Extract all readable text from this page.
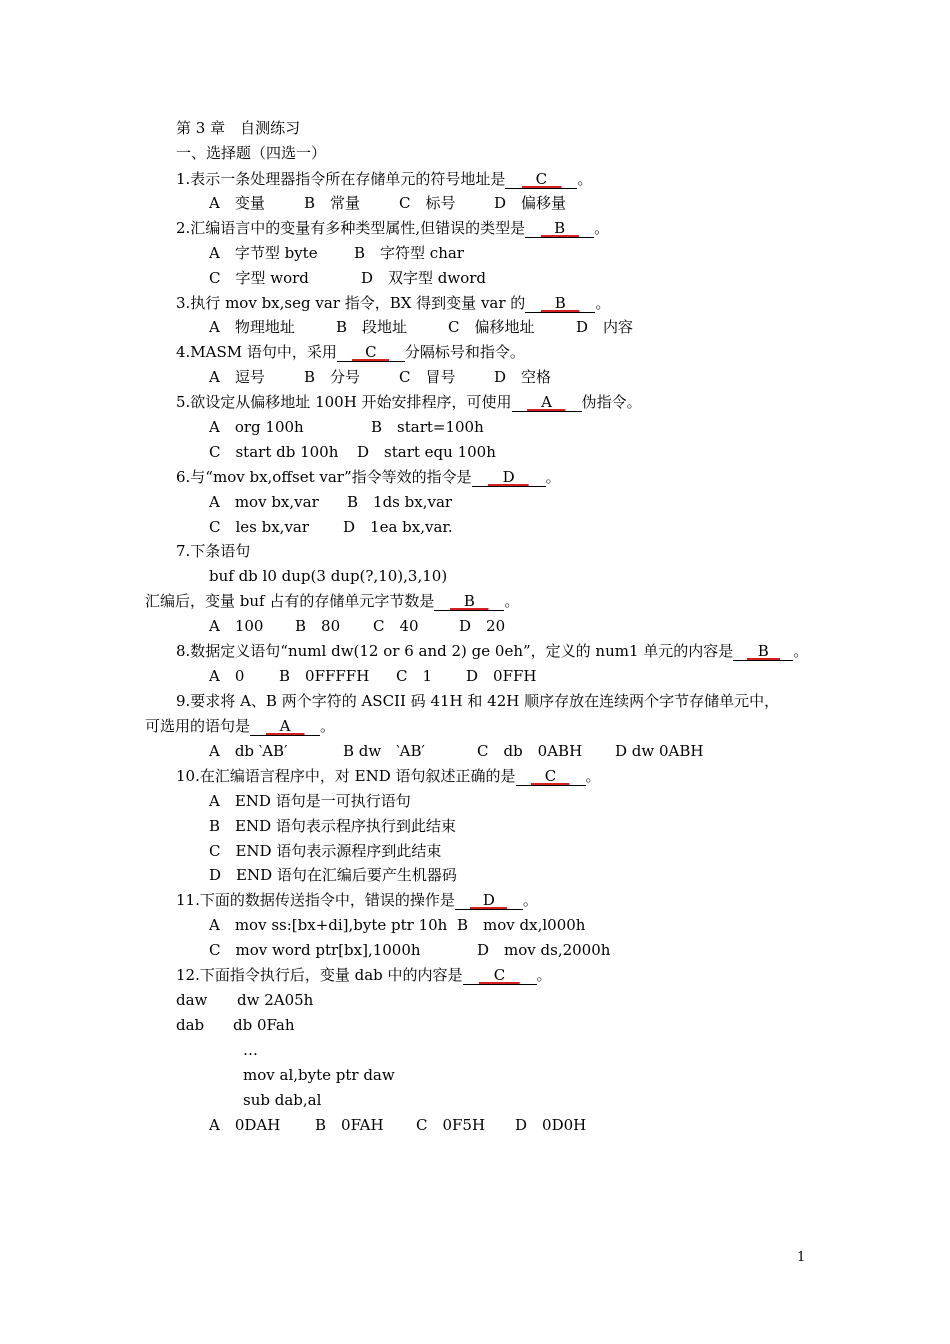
第 3 章　自测练习
一、选择题（四选一）
1.表示一条处理器指令所在存储单元的符号地址是 C 。
A　变量	B　常量	C　标号	D　偏移量
2.汇编语言中的变量有多种类型属性,但错误的类型是 B 。
A　字节型 byte B　字符型 char
C　字型 word	D　双字型 dword
3.执行 mov bx,seg var 指令，BX 得到变量 var 的 B 。
A　物理地址	B　段地址	C　偏移地址	D　内容
4.MASM 语句中，采用 C 分隔标号和指令。
A　逗号	B　分号	C　冒号	D　空格
5.欲设定从偏移地址 100H 开始安排程序，可使用 A 伪指令。
A　org 100h	B　start=100h
C　start db 100h D　start equ 100h
6.与“mov bx,offset var”指令等效的指令是 D 。
A　mov bx,var B　1ds bx,var
C　les bx,var D　1ea bx,var.
7.下条语句
buf db l0 dup(3 dup(?,10),3,10)
汇编后，变量 buf 占有的存储单元字节数是 B 。
A　100 B　80 C　40	D　20
8.数据定义语句“numl dw(12 or 6 and 2) ge 0eh”，定义的 num1 单元的内容是 B 。
A　0 B　0FFFFH C　1 D　0FFH
9.要求将 A、B 两个字符的 ASCII 码 41H 和 42H 顺序存放在连续两个字节存储单元中，
可选用的语句是 A 。
A　db ‵AB′	B dw　‵AB′	C　db　0ABH D dw 0ABH
10.在汇编语言程序中，对 END 语句叙述正确的是 C 。
A　END 语句是一可执行语句
B　END 语句表示程序执行到此结束
C　END 语句表示源程序到此结束
D　END 语句在汇编后要产生机器码
11.下面的数据传送指令中，错误的操作是 D 。
A　mov ss:[bx+di],byte ptr 10h B　mov dx,l000h
C　mov word ptr[bx],1000h	D　mov ds,2000h
12.下面指令执行后，变量 dab 中的内容是 C 。
daw dw 2A05h
dab db 0Fah
…
mov al,byte ptr daw
sub dab,al
A　0DAH B　0FAH C　0F5H D　0D0H
1
